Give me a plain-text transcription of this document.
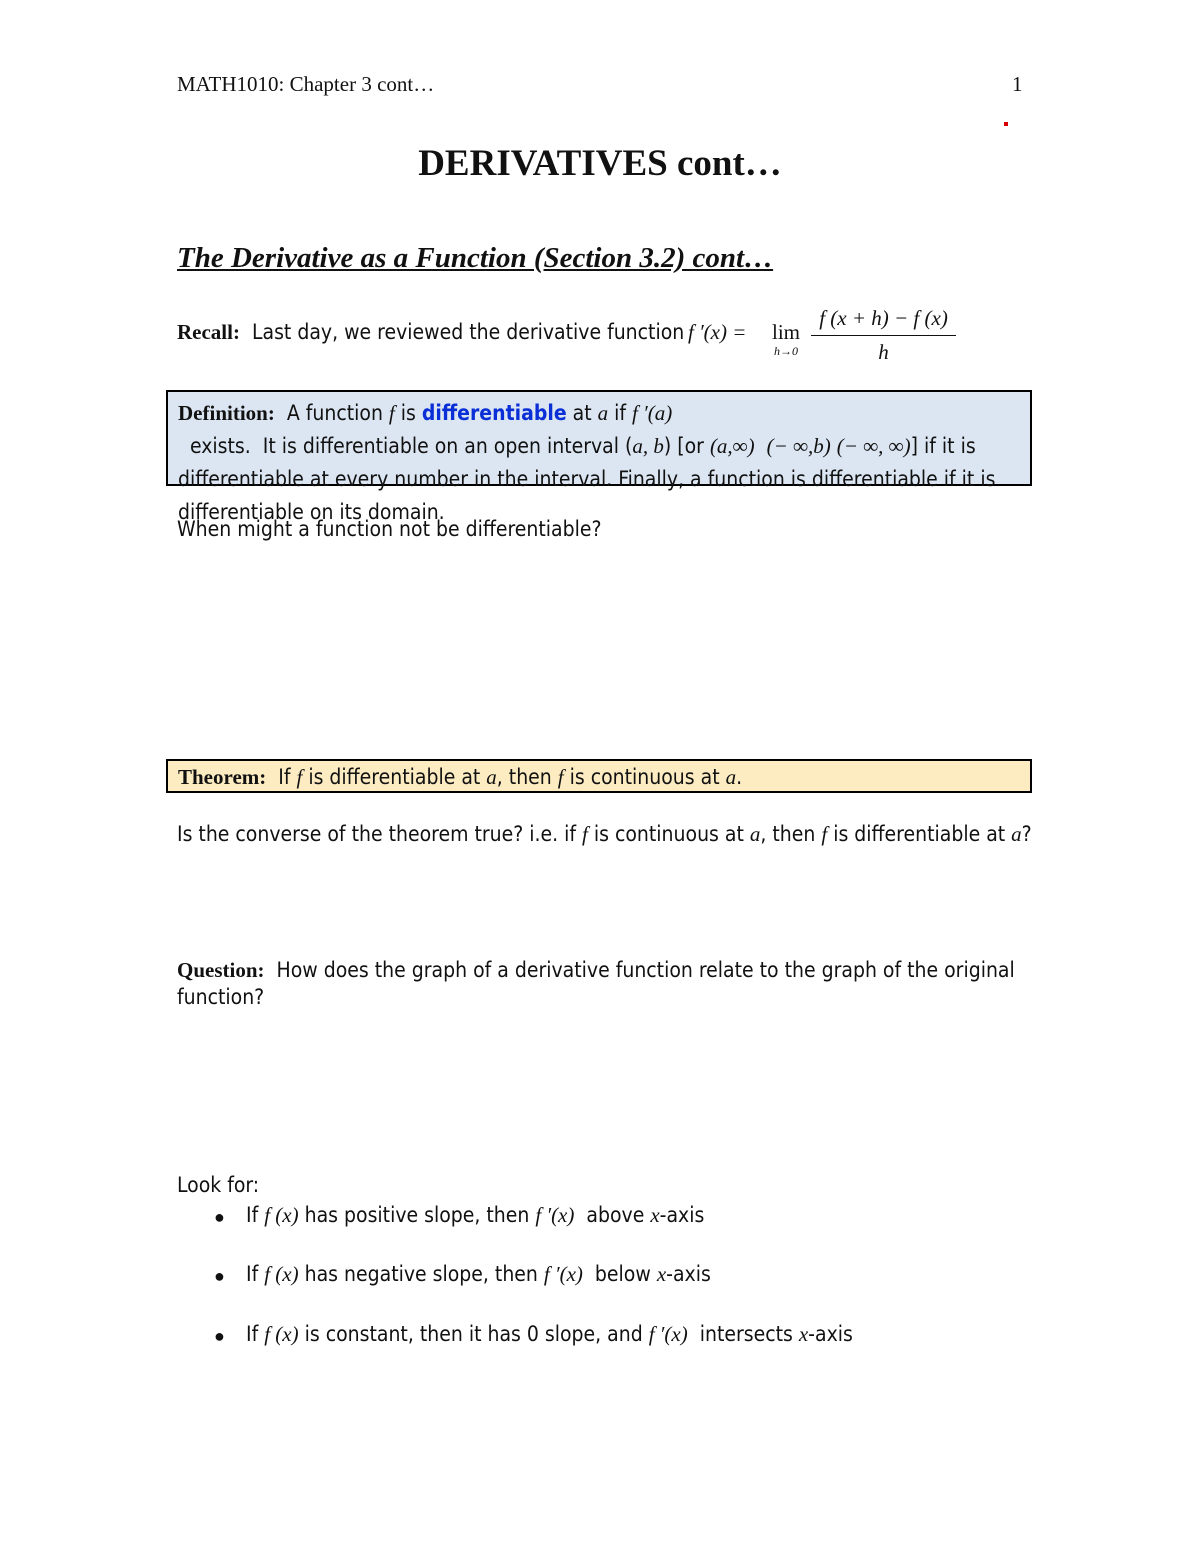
MATH1010: Chapter 3 cont…	1
DERIVATIVES cont…
The Derivative as a Function (Section 3.2) cont…
Recall:  Last day, we reviewed the derivative function
f ′(x) = lim
h→0
f (x + h) − f (x)
h
Definition:  A function f is differentiable at a if f ′(a)  exists.  It is differentiable on an open interval (a, b) [or (a,∞) (− ∞,b) (− ∞, ∞)] if it is differentiable at every number in the interval. Finally, a function is differentiable if it is differentiable on its domain.
When might a function not be differentiable?
Theorem:  If f is differentiable at a, then f is continuous at a.
Is the converse of the theorem true? i.e. if f is continuous at a, then f is differentiable at a?
Question:  How does the graph of a derivative function relate to the graph of the original
function?
Look for:
● If f (x) has positive slope, then f ′(x)  above x-axis
● If f (x) has negative slope, then f ′(x)  below x-axis
● If f (x) is constant, then it has 0 slope, and f ′(x)  intersects x-axis
